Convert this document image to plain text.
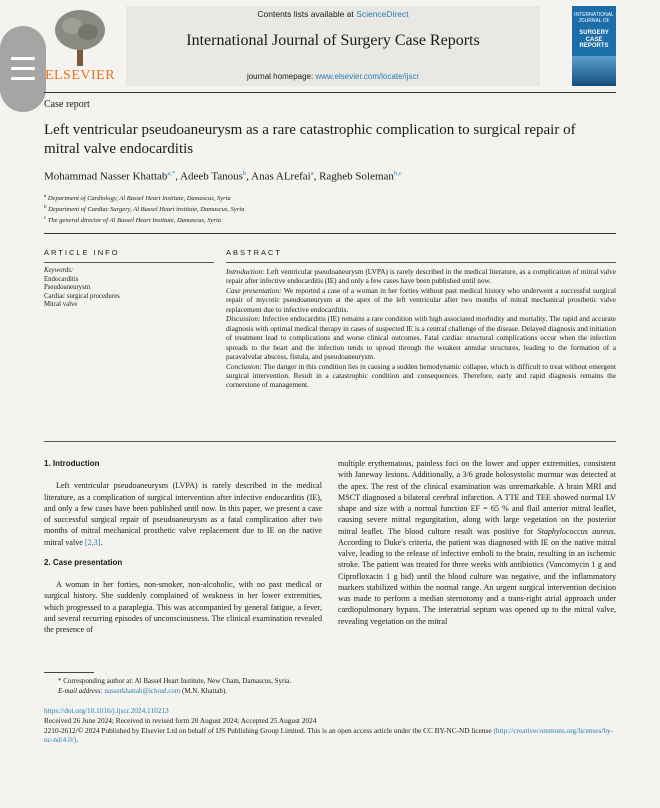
ELSEVIER
Contents lists available at ScienceDirect
International Journal of Surgery Case Reports
journal homepage: www.elsevier.com/locate/ijscr
INTERNATIONAL JOURNAL OF
SURGERY CASE REPORTS
Case report
Left ventricular pseudoaneurysm as a rare catastrophic complication to surgical repair of mitral valve endocarditis
Mohammad Nasser Khattab$^{a,*}$, Adeeb Tanous$^b$, Anas ALrefai$^a$, Ragheb Soleman$^{b,c}$
$^a$ Department of Cardiology, Al Bassel Heart Institute, Damascus, Syria
$^b$ Department of Cardiac Surgery, Al Bassel Heart institute, Damascus, Syria
$^c$ The general director of Al Bassel Heart Institute, Damascus, Syria
ARTICLE INFO	ABSTRACT
Keywords:
Endocarditis
Pseudoaneurysm
Cardiac surgical procedures
Mitral valve

Introduction: Left ventricular pseudoaneurysm (LVPA) is rarely described in the medical literature, as a complication of mitral valve repair after infective endocarditis (IE) and only a few cases have been published until now.

Case presentation: We reported a case of a woman in her forties without past medical history who underwent a successful surgical repair of mycotic pseudoaneurysm at the apex of the left ventricular after two months of mitral mechanical prosthetic valve replacement due to infective endocarditis.

Discussion: Infective endocarditis (IE) remains a rare condition with high associated morbidity and mortality. The rapid and accurate diagnosis with optimal medical therapy in cases of suspected IE is a central challenge of the disease. Delayed diagnosis and initiation of treatment lead to complications and worse clinical outcomes. Fatal cardiac structural complications occur when the infection spreads to the heart and the infection tends to spread through the weakest annular structures, leading to the formation of a paravalvular abscess, fistula, and pseudoaneurysm.

Conclusion: The danger in this condition lies in causing a sudden hemodynamic collapse, which is difficult to treat without emergent surgical intervention. Result in a catastrophic condition and consequences. Therefore, early and rapid diagnosis remains the cornerstone of management.

1. Introduction

Left ventricular pseudoaneurysm (LVPA) is rarely described in the medical literature, as a complication of surgical intervention after infective endocarditis (IE), and only a few cases have been published until now. In this paper, we present a case of successful surgical repair of pseudoaneurysm as a fatal complication after two months of mitral mechanical prosthetic valve replacement due to IE on the native mitral valve [2,3].

2. Case presentation

A woman in her forties, non-smoker, non-alcoholic, with no past medical or surgical history. She suddenly complained of weakness in her lower extremities, which progressed to a paraplegia. This was accompanied by general fatigue, a fever, and several recurring episodes of unconsciousness. The clinical examination revealed the presence of

multiple erythematous, painless foci on the lower and upper extremities, consistent with Janeway lesions. Additionally, a 3/6 grade holosystolic murmur was detected at the apex. The rest of the clinical examination was unremarkable. A brain MRI and MSCT diagnosed a bilateral cerebral infarction. A TTE and TEE showed normal LV shape and size with a normal function EF = 65 % and flail anterior mitral leaflet, causing severe mitral regurgitation, along with large vegetation on the posterior mitral leaflet. The blood culture result was positive for Staphylococcus aureus. According to Duke's criteria, the patient was diagnosed with IE on the native mitral valve, leading to the release of infective emboli to the brain, resulting in an ischemic stroke. The patient was treated for three weeks with antibiotics (Vancomycin 1 g and Ciprofloxacin 1 g bid) until the blood culture was negative, and the inflammatory markers stabilized within the normal range. An urgent surgical intervention decision was made to perform a median sternotomy and a trans-right atrial approach under cardiopulmonary bypass. The interatrial septum was opened up to the mitral valve, revealing vegetation on the mitral

* Corresponding author at: Al Bassel Heart Institute, New Cham, Damascus, Syria.
E-mail address: nasserkhattab@icloud.com (M.N. Khattab).
https://doi.org/10.1016/j.ijscr.2024.110213
Received 26 June 2024; Received in revised form 20 August 2024; Accepted 25 August 2024
2210-2612/© 2024 Published by Elsevier Ltd on behalf of IJS Publishing Group Limited. This is an open access article under the CC BY-NC-ND license (http://creativecommons.org/licenses/by-nc-nd/4.0/).
